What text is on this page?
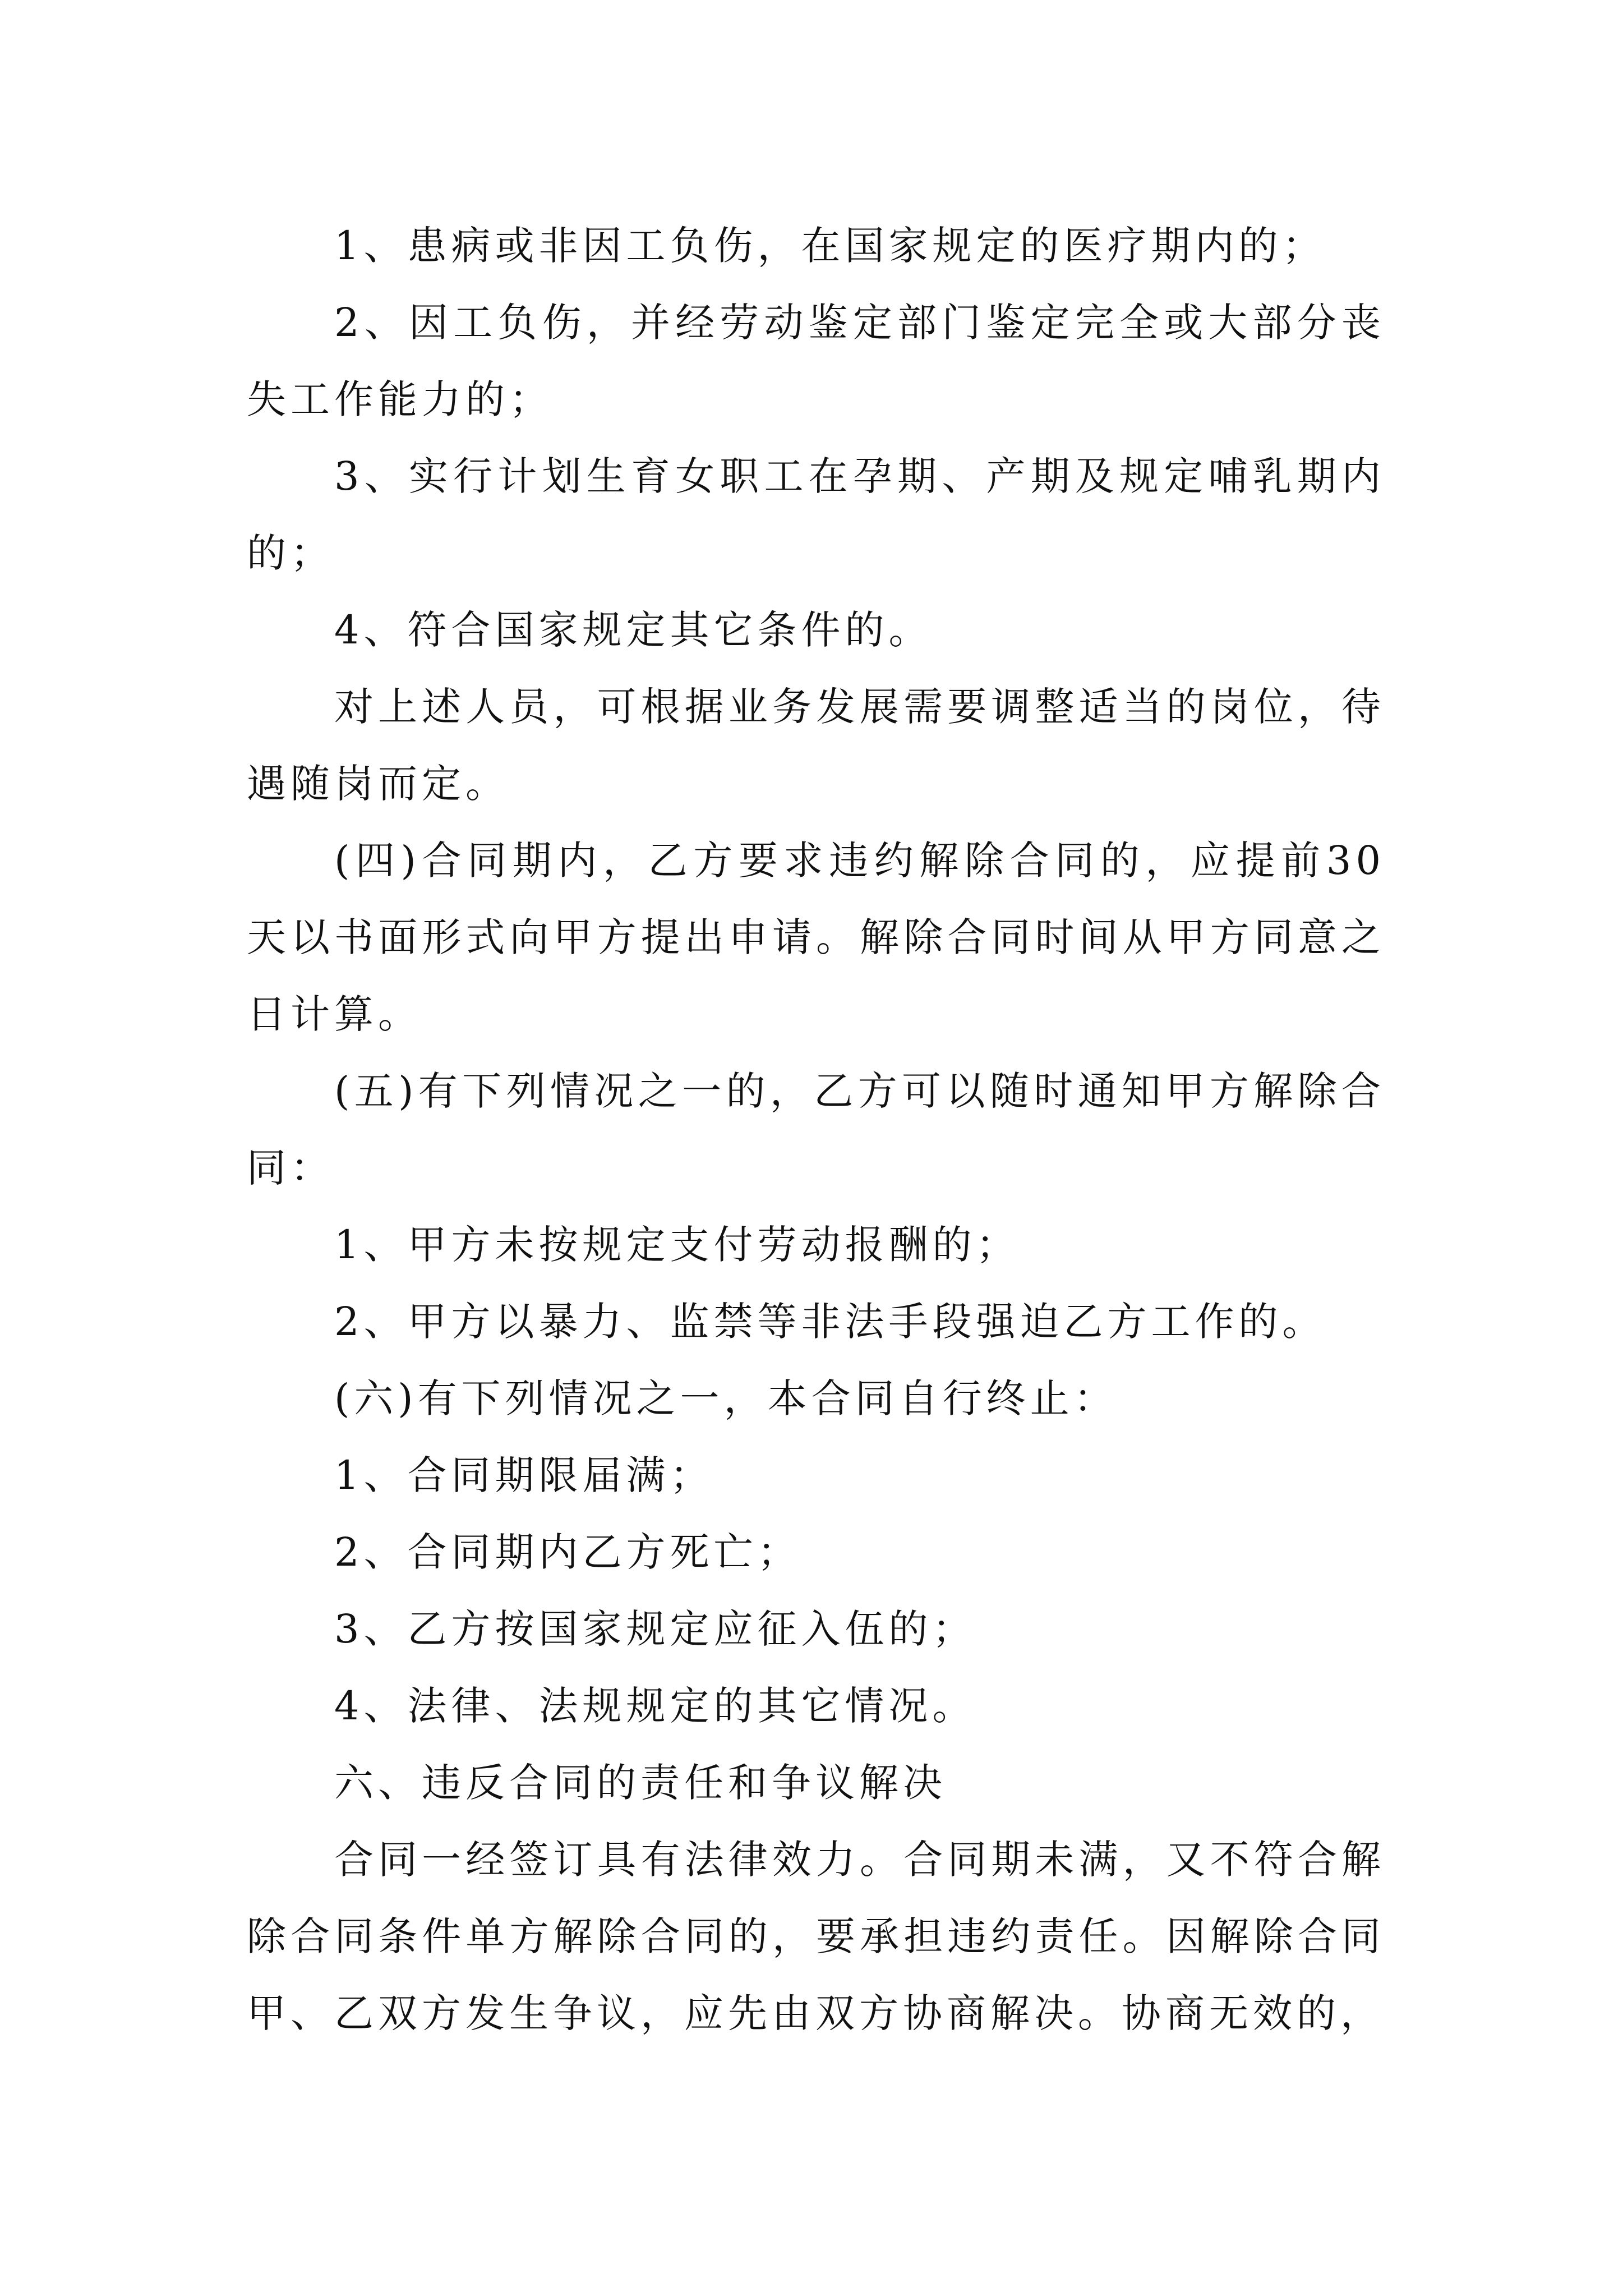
1、患病或非因工负伤，在国家规定的医疗期内的；

2、因工负伤，并经劳动鉴定部门鉴定完全或大部分丧失工作能力的；

3、实行计划生育女职工在孕期、产期及规定哺乳期内的；

4、符合国家规定其它条件的。

对上述人员，可根据业务发展需要调整适当的岗位，待遇随岗而定。

(四)合同期内，乙方要求违约解除合同的，应提前30天以书面形式向甲方提出申请。解除合同时间从甲方同意之日计算。

(五)有下列情况之一的，乙方可以随时通知甲方解除合同：

1、甲方未按规定支付劳动报酬的；

2、甲方以暴力、监禁等非法手段强迫乙方工作的。

(六)有下列情况之一，本合同自行终止：

1、合同期限届满；

2、合同期内乙方死亡；

3、乙方按国家规定应征入伍的；

4、法律、法规规定的其它情况。

六、违反合同的责任和争议解决

合同一经签订具有法律效力。合同期未满，又不符合解除合同条件单方解除合同的，要承担违约责任。因解除合同甲、乙双方发生争议，应先由双方协商解决。协商无效的，
